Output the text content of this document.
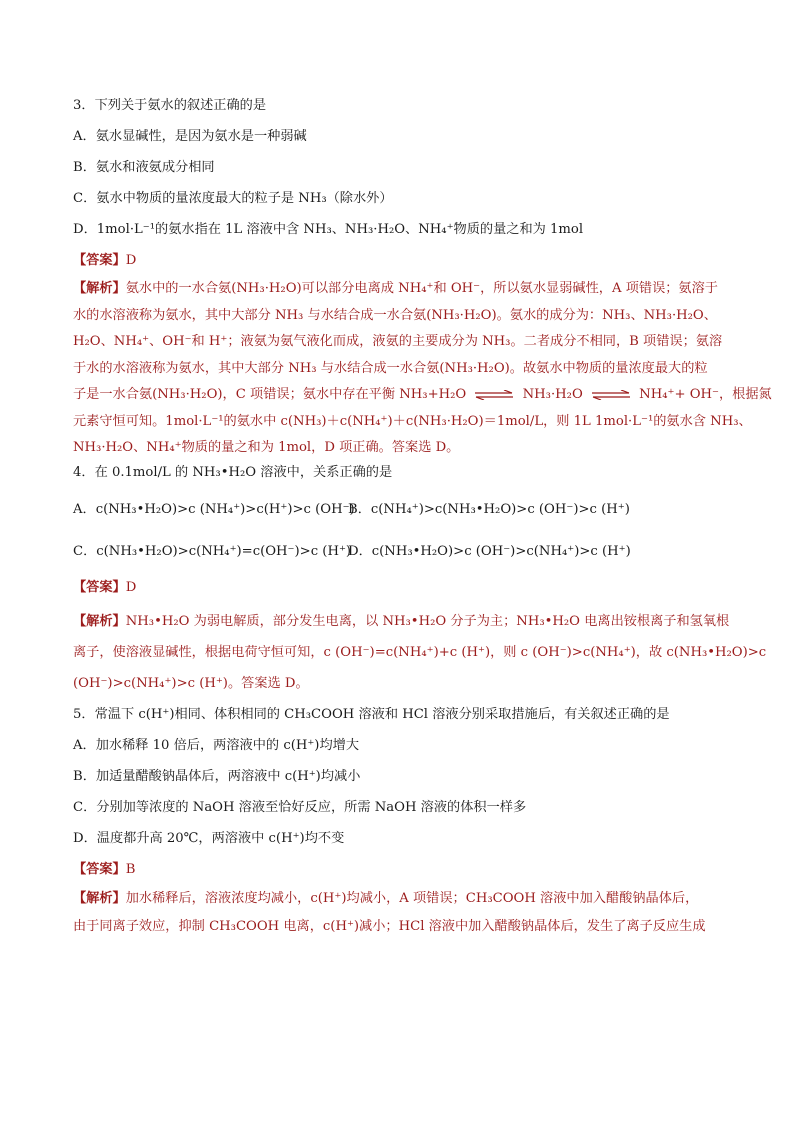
3．下列关于氨水的叙述正确的是

A．氨水显碱性，是因为氨水是一种弱碱

B．氨水和液氨成分相同

C．氨水中物质的量浓度最大的粒子是 NH₃（除水外）

D．1mol·L⁻¹的氨水指在 1L 溶液中含 NH₃、NH₃·H₂O、NH₄⁺物质的量之和为 1mol

【答案】D

【解析】氨水中的一水合氨(NH₃·H₂O)可以部分电离成 NH₄⁺和 OH⁻，所以氨水显弱碱性，A 项错误；氨溶于
水的水溶液称为氨水，其中大部分 NH₃ 与水结合成一水合氨(NH₃·H₂O)。氨水的成分为：NH₃、NH₃·H₂O、
H₂O、NH₄⁺、OH⁻和 H⁺；液氨为氨气液化而成，液氨的主要成分为 NH₃。二者成分不相同，B 项错误；氨溶
于水的水溶液称为氨水，其中大部分 NH₃ 与水结合成一水合氨(NH₃·H₂O)。故氨水中物质的量浓度最大的粒
子是一水合氨(NH₃·H₂O)，C 项错误；氨水中存在平衡 NH₃+H₂O ⇌ NH₃·H₂O ⇌ NH₄⁺+ OH⁻，根据氮
元素守恒可知。1mol·L⁻¹的氨水中 c(NH₃)＋c(NH₄⁺)＋c(NH₃·H₂O)＝1mol/L，则 1L 1mol·L⁻¹的氨水含 NH₃、
NH₃·H₂O、NH₄⁺物质的量之和为 1mol，D 项正确。答案选 D。

4．在 0.1mol/L 的 NH₃•H₂O 溶液中，关系正确的是

A．c(NH₃•H₂O)>c (NH₄⁺)>c(H⁺)>c (OH⁻)
B．c(NH₄⁺)>c(NH₃•H₂O)>c (OH⁻)>c (H⁺)
C．c(NH₃•H₂O)>c(NH₄⁺)=c(OH⁻)>c (H⁺)
D．c(NH₃•H₂O)>c (OH⁻)>c(NH₄⁺)>c (H⁺)

【答案】D

【解析】NH₃•H₂O 为弱电解质，部分发生电离，以 NH₃•H₂O 分子为主；NH₃•H₂O 电离出铵根离子和氢氧根
离子，使溶液显碱性，根据电荷守恒可知，c (OH⁻)=c(NH₄⁺)+c (H⁺)，则 c (OH⁻)>c(NH₄⁺)，故 c(NH₃•H₂O)>c
(OH⁻)>c(NH₄⁺)>c (H⁺)。答案选 D。

5．常温下 c(H⁺)相同、体积相同的 CH₃COOH 溶液和 HCl 溶液分别采取措施后，有关叙述正确的是

A．加水稀释 10 倍后，两溶液中的 c(H⁺)均增大

B．加适量醋酸钠晶体后，两溶液中 c(H⁺)均减小

C．分别加等浓度的 NaOH 溶液至恰好反应，所需 NaOH 溶液的体积一样多

D．温度都升高 20℃，两溶液中 c(H⁺)均不变

【答案】B

【解析】加水稀释后，溶液浓度均减小，c(H⁺)均减小，A 项错误；CH₃COOH 溶液中加入醋酸钠晶体后，
由于同离子效应，抑制 CH₃COOH 电离，c(H⁺)减小；HCl 溶液中加入醋酸钠晶体后，发生了离子反应生成
